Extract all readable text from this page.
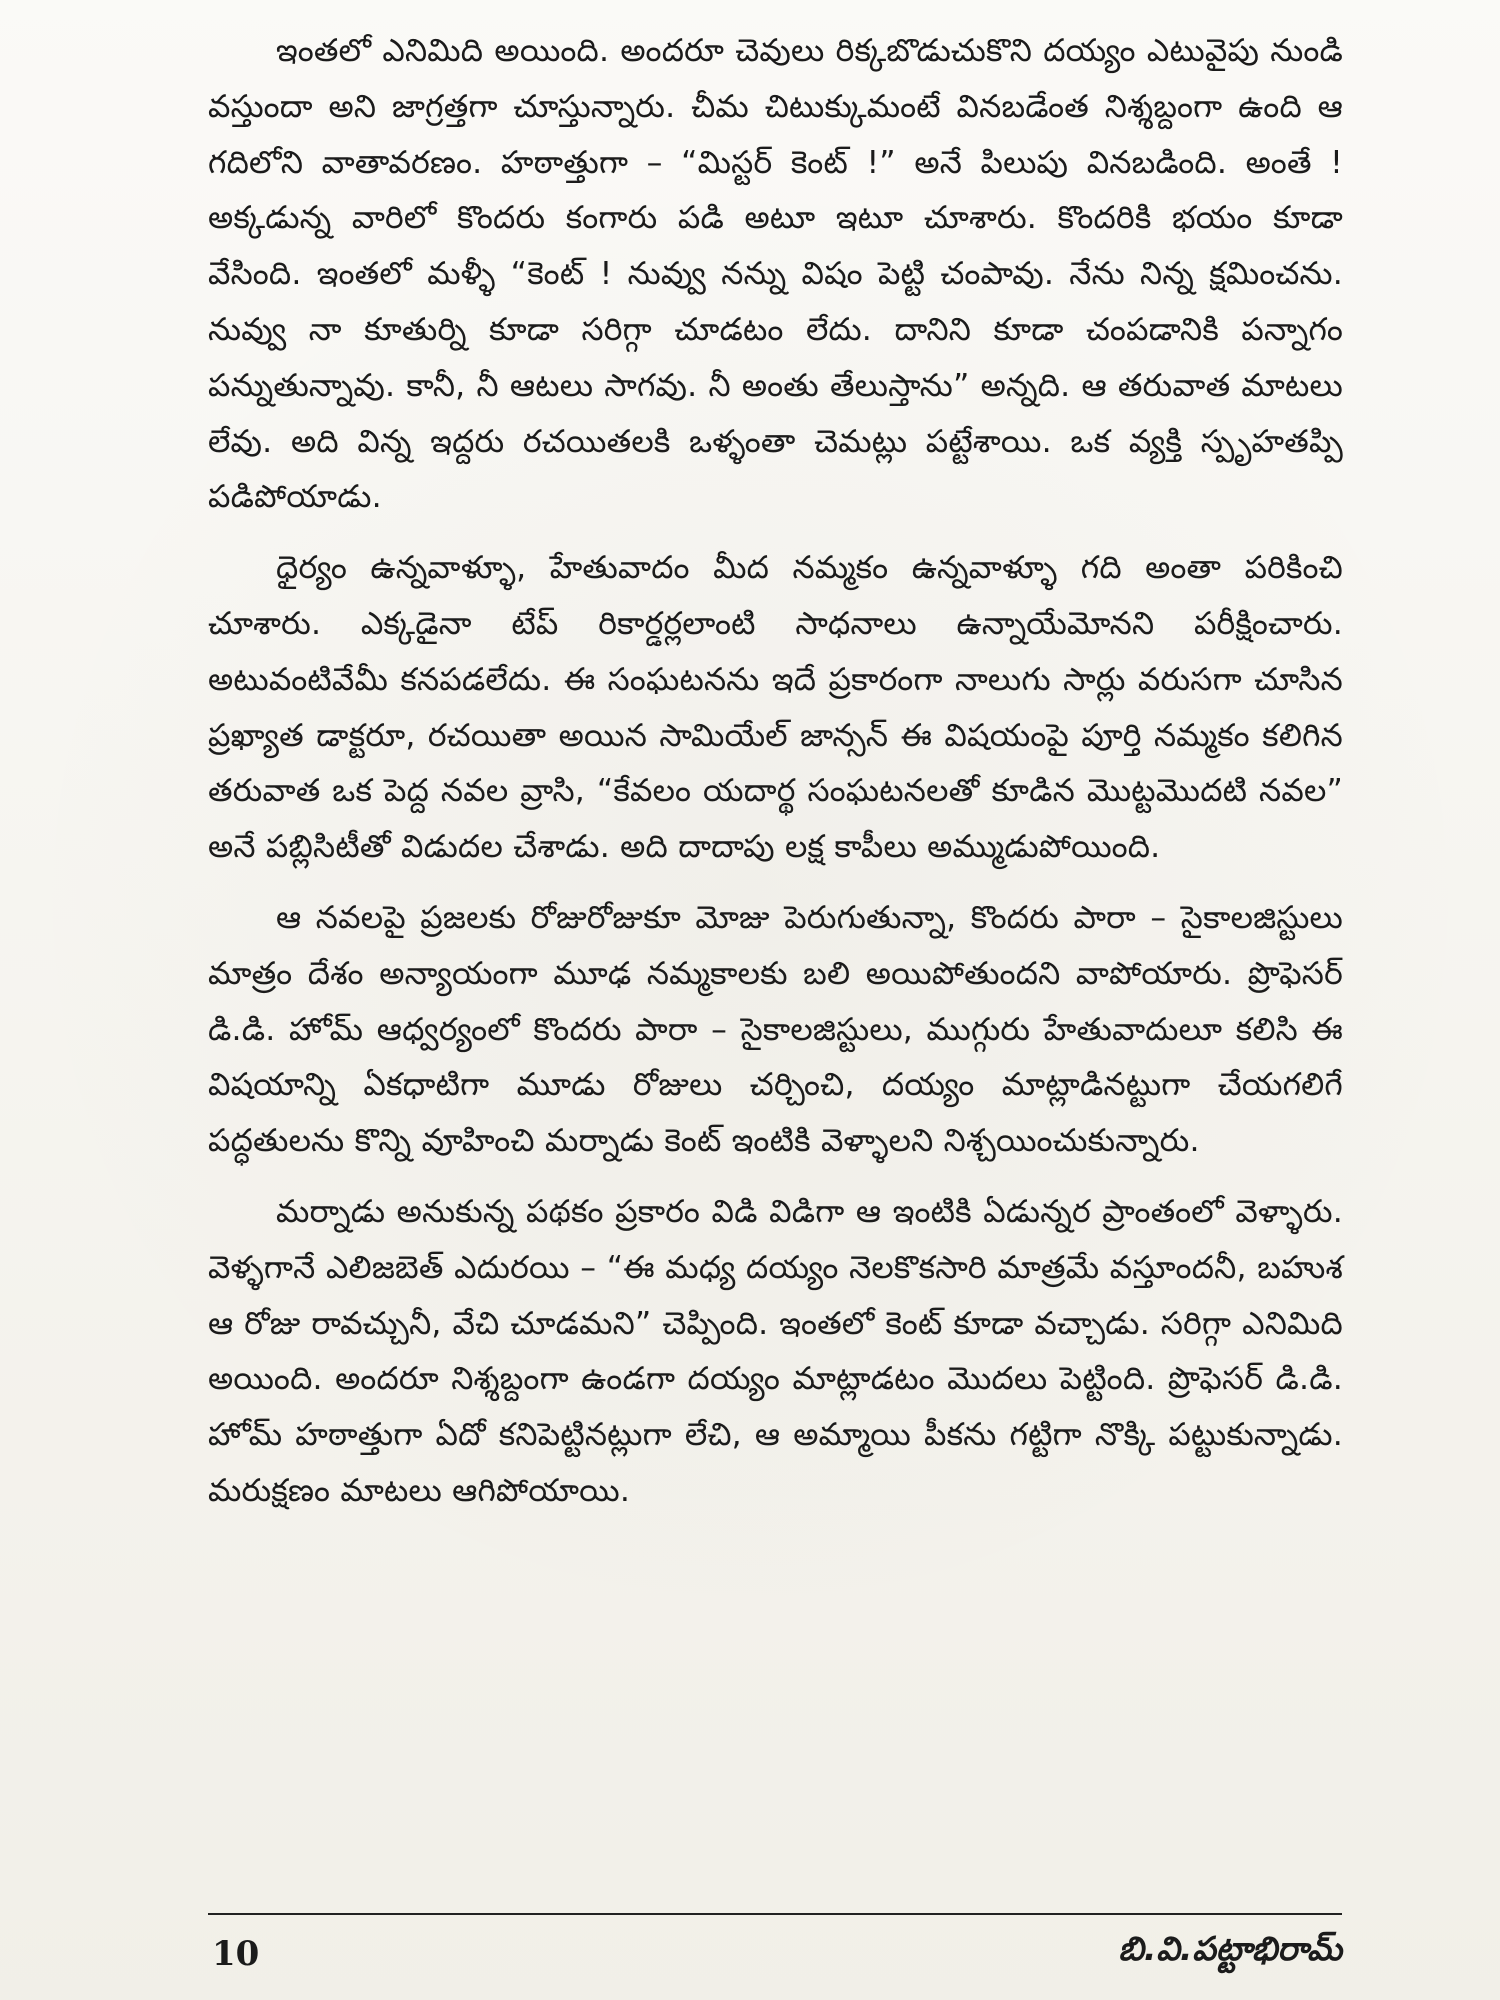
ఇంతలో ఎనిమిది అయింది. అందరూ చెవులు రిక్కబొడుచుకొని దయ్యం ఎటువైపు నుండి వస్తుందా అని జాగ్రత్తగా చూస్తున్నారు. చీమ చిటుక్కుమంటే వినబడేంత నిశ్శబ్దంగా ఉంది ఆ గదిలోని వాతావరణం. హఠాత్తుగా – “మిస్టర్ కెంట్ !” అనే పిలుపు వినబడింది. అంతే ! అక్కడున్న వారిలో కొందరు కంగారు పడి అటూ ఇటూ చూశారు. కొందరికి భయం కూడా వేసింది. ఇంతలో మళ్ళీ “కెంట్ ! నువ్వు నన్ను విషం పెట్టి చంపావు. నేను నిన్న క్షమించను. నువ్వు నా కూతుర్ని కూడా సరిగ్గా చూడటం లేదు. దానిని కూడా చంపడానికి పన్నాగం పన్నుతున్నావు. కానీ, నీ ఆటలు సాగవు. నీ అంతు తేలుస్తాను” అన్నది. ఆ తరువాత మాటలు లేవు. అది విన్న ఇద్దరు రచయితలకి ఒళ్ళంతా చెమట్లు పట్టేశాయి. ఒక వ్యక్తి స్పృహతప్పి పడిపోయాడు.

ధైర్యం ఉన్నవాళ్ళూ, హేతువాదం మీద నమ్మకం ఉన్నవాళ్ళూ గది అంతా పరికించి చూశారు. ఎక్కడైనా టేప్ రికార్డర్లలాంటి సాధనాలు ఉన్నాయేమోనని పరీక్షించారు. అటువంటివేమీ కనపడలేదు. ఈ సంఘటనను ఇదే ప్రకారంగా నాలుగు సార్లు వరుసగా చూసిన ప్రఖ్యాత డాక్టరూ, రచయితా అయిన సామియేల్ జాన్సన్ ఈ విషయంపై పూర్తి నమ్మకం కలిగిన తరువాత ఒక పెద్ద నవల వ్రాసి, “కేవలం యదార్థ సంఘటనలతో కూడిన మొట్టమొదటి నవల” అనే పబ్లిసిటీతో విడుదల చేశాడు. అది దాదాపు లక్ష కాపీలు అమ్ముడుపోయింది.

ఆ నవలపై ప్రజలకు రోజురోజుకూ మోజు పెరుగుతున్నా, కొందరు పారా – సైకాలజిస్టులు మాత్రం దేశం అన్యాయంగా మూఢ నమ్మకాలకు బలి అయిపోతుందని వాపోయారు. ప్రొఫెసర్ డి.డి. హోమ్ ఆధ్వర్యంలో కొందరు పారా – సైకాలజిస్టులు, ముగ్గురు హేతువాదులూ కలిసి ఈ విషయాన్ని ఏకధాటిగా మూడు రోజులు చర్చించి, దయ్యం మాట్లాడినట్టుగా చేయగలిగే పద్ధతులను కొన్ని వూహించి మర్నాడు కెంట్ ఇంటికి వెళ్ళాలని నిశ్చయించుకున్నారు.

మర్నాడు అనుకున్న పథకం ప్రకారం విడి విడిగా ఆ ఇంటికి ఏడున్నర ప్రాంతంలో వెళ్ళారు. వెళ్ళగానే ఎలిజబెత్ ఎదురయి – “ఈ మధ్య దయ్యం నెలకొకసారి మాత్రమే వస్తూందనీ, బహుశ ఆ రోజు రావచ్చునీ, వేచి చూడమని” చెప్పింది. ఇంతలో కెంట్ కూడా వచ్చాడు. సరిగ్గా ఎనిమిది అయింది. అందరూ నిశ్శబ్దంగా ఉండగా దయ్యం మాట్లాడటం మొదలు పెట్టింది. ప్రొఫెసర్ డి.డి. హోమ్ హఠాత్తుగా ఏదో కనిపెట్టినట్లుగా లేచి, ఆ అమ్మాయి పీకను గట్టిగా నొక్కి పట్టుకున్నాడు. మరుక్షణం మాటలు ఆగిపోయాయి.

10	బి.వి.పట్టాభిరామ్
